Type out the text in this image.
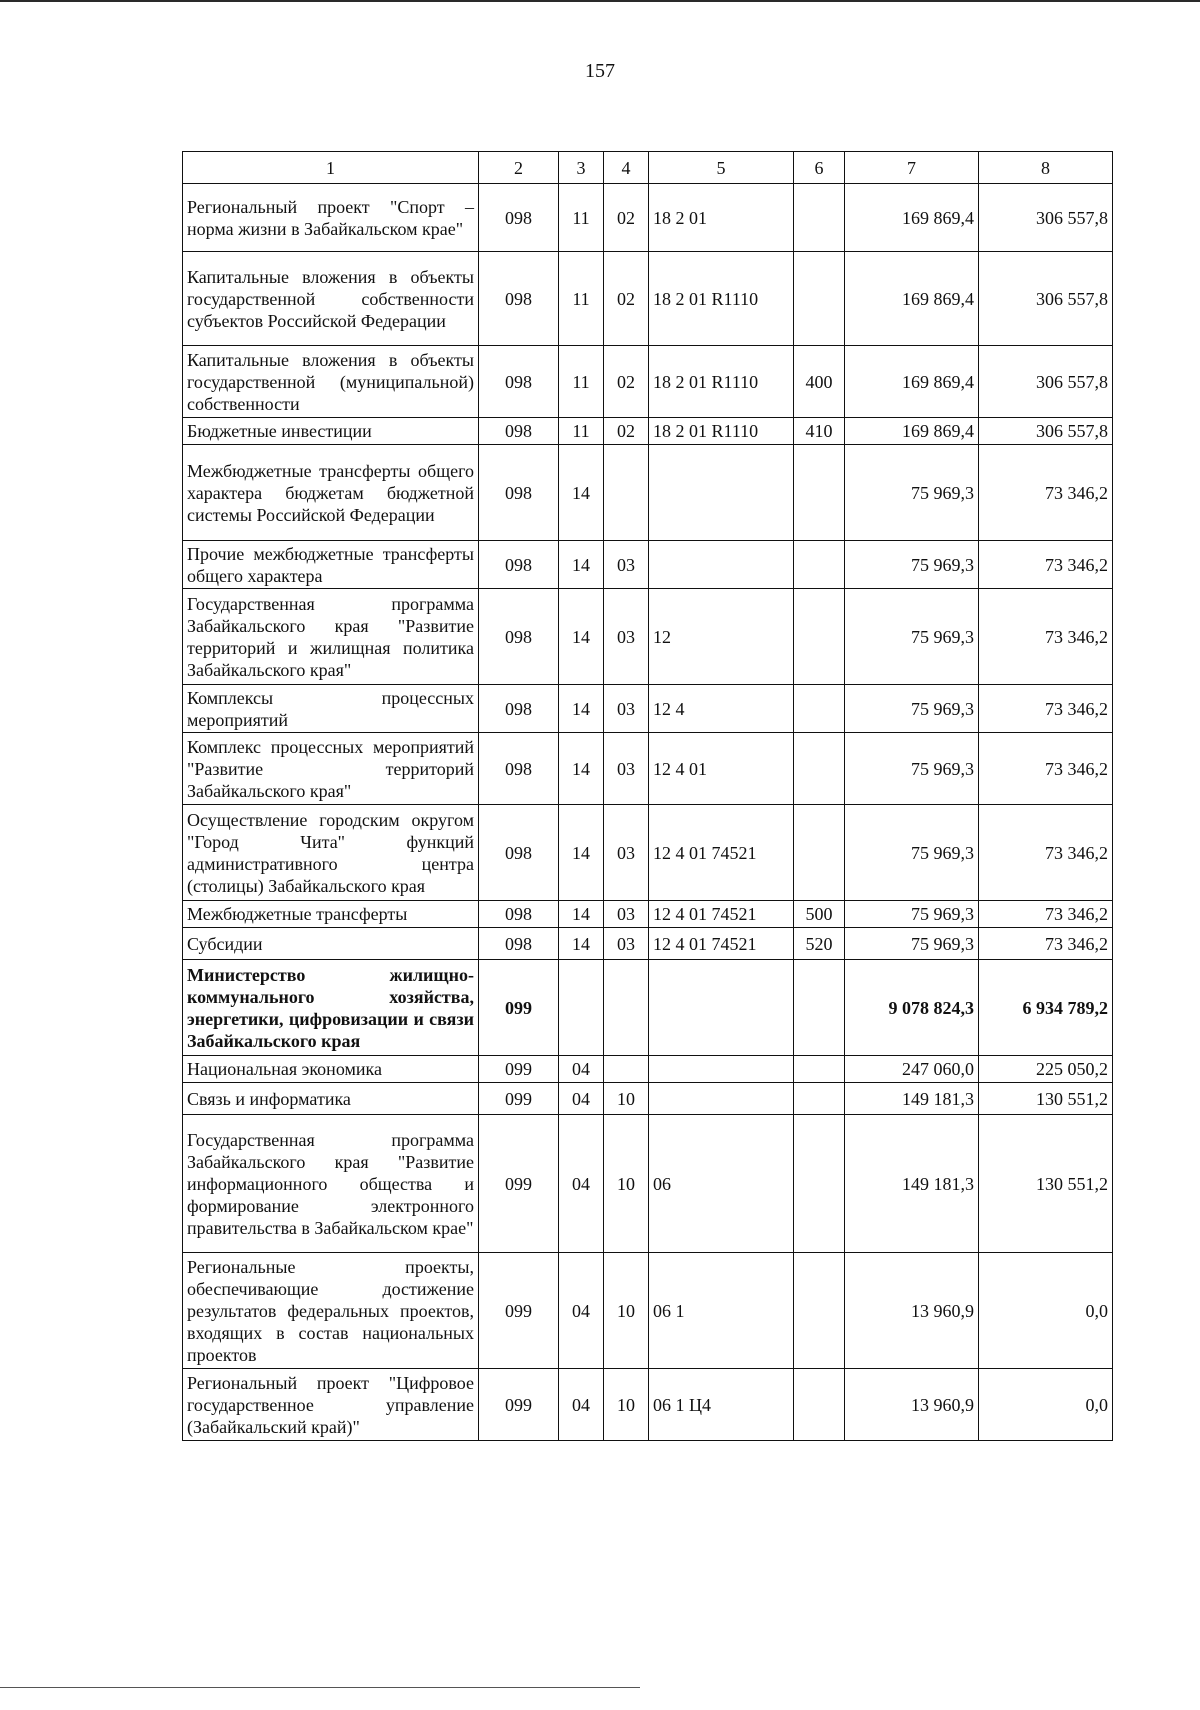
157
1	2	3	4	5	6	7	8
Региональный проект "Спорт – норма жизни в Забайкальском крае"	098	11	02	18 2 01		169 869,4	306 557,8
Капитальные вложения в объекты государственной собственности субъектов Российской Федерации	098	11	02	18 2 01 R1110		169 869,4	306 557,8
Капитальные вложения в объекты государственной (муниципальной) собственности	098	11	02	18 2 01 R1110	400	169 869,4	306 557,8
Бюджетные инвестиции	098	11	02	18 2 01 R1110	410	169 869,4	306 557,8
Межбюджетные трансферты общего характера бюджетам бюджетной системы Российской Федерации	098	14				75 969,3	73 346,2
Прочие межбюджетные трансферты общего характера	098	14	03			75 969,3	73 346,2
Государственная программа Забайкальского края "Развитие территорий и жилищная политика Забайкальского края"	098	14	03	12		75 969,3	73 346,2
Комплексы процессных мероприятий	098	14	03	12 4		75 969,3	73 346,2
Комплекс процессных мероприятий "Развитие территорий Забайкальского края"	098	14	03	12 4 01		75 969,3	73 346,2
Осуществление городским округом "Город Чита" функций административного центра (столицы) Забайкальского края	098	14	03	12 4 01 74521		75 969,3	73 346,2
Межбюджетные трансферты	098	14	03	12 4 01 74521	500	75 969,3	73 346,2
Субсидии	098	14	03	12 4 01 74521	520	75 969,3	73 346,2
Министерство жилищно-коммунального хозяйства, энергетики, цифровизации и связи Забайкальского края	099					9 078 824,3	6 934 789,2
Национальная экономика	099	04				247 060,0	225 050,2
Связь и информатика	099	04	10			149 181,3	130 551,2
Государственная программа Забайкальского края "Развитие информационного общества и формирование электронного правительства в Забайкальском крае"	099	04	10	06		149 181,3	130 551,2
Региональные проекты, обеспечивающие достижение результатов федеральных проектов, входящих в состав национальных проектов	099	04	10	06 1		13 960,9	0,0
Региональный проект "Цифровое государственное управление (Забайкальский край)"	099	04	10	06 1 Ц4		13 960,9	0,0
